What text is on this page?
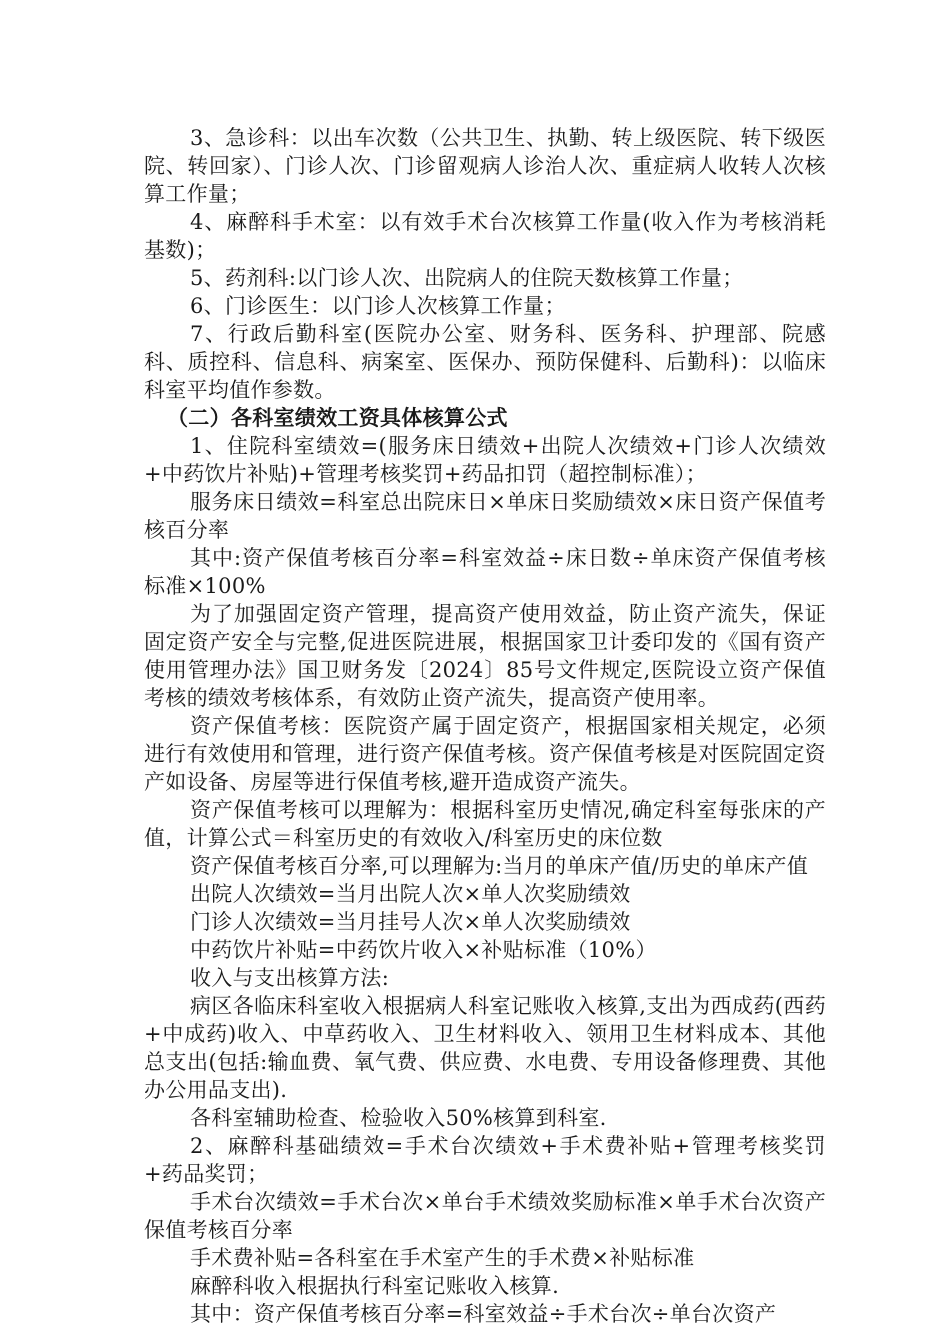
3、急诊科：以出车次数（公共卫生、执勤、转上级医院、转下级医院、转回家）、门诊人次、门诊留观病人诊治人次、重症病人收转人次核算工作量；

4、麻醉科手术室：以有效手术台次核算工作量(收入作为考核消耗基数)；

5、药剂科:以门诊人次、出院病人的住院天数核算工作量；

6、门诊医生：以门诊人次核算工作量；

7、行政后勤科室(医院办公室、财务科、医务科、护理部、院感科、质控科、信息科、病案室、医保办、预防保健科、后勤科)：以临床科室平均值作参数。

（二）各科室绩效工资具体核算公式

1、住院科室绩效=(服务床日绩效+出院人次绩效+门诊人次绩效+中药饮片补贴)+管理考核奖罚+药品扣罚（超控制标准）；

服务床日绩效=科室总出院床日×单床日奖励绩效×床日资产保值考核百分率

其中:资产保值考核百分率=科室效益÷床日数÷单床资产保值考核标准×100%

为了加强固定资产管理，提高资产使用效益，防止资产流失，保证固定资产安全与完整,促进医院进展，根据国家卫计委印发的《国有资产使用管理办法》国卫财务发〔2024〕85号文件规定,医院设立资产保值考核的绩效考核体系，有效防止资产流失，提高资产使用率。

资产保值考核：医院资产属于固定资产，根据国家相关规定，必须进行有效使用和管理，进行资产保值考核。资产保值考核是对医院固定资产如设备、房屋等进行保值考核,避开造成资产流失。

资产保值考核可以理解为：根据科室历史情况,确定科室每张床的产值，计算公式＝科室历史的有效收入/科室历史的床位数

资产保值考核百分率,可以理解为:当月的单床产值/历史的单床产值

出院人次绩效=当月出院人次×单人次奖励绩效

门诊人次绩效=当月挂号人次×单人次奖励绩效

中药饮片补贴=中药饮片收入×补贴标准（10%）

收入与支出核算方法:

病区各临床科室收入根据病人科室记账收入核算,支出为西成药(西药+中成药)收入、中草药收入、卫生材料收入、领用卫生材料成本、其他总支出(包括:输血费、氧气费、供应费、水电费、专用设备修理费、其他办公用品支出).

各科室辅助检查、检验收入50%核算到科室.

2、麻醉科基础绩效=手术台次绩效+手术费补贴+管理考核奖罚+药品奖罚；

手术台次绩效=手术台次×单台手术绩效奖励标准×单手术台次资产保值考核百分率

手术费补贴=各科室在手术室产生的手术费×补贴标准

麻醉科收入根据执行科室记账收入核算.

其中：资产保值考核百分率=科室效益÷手术台次÷单台次资产
